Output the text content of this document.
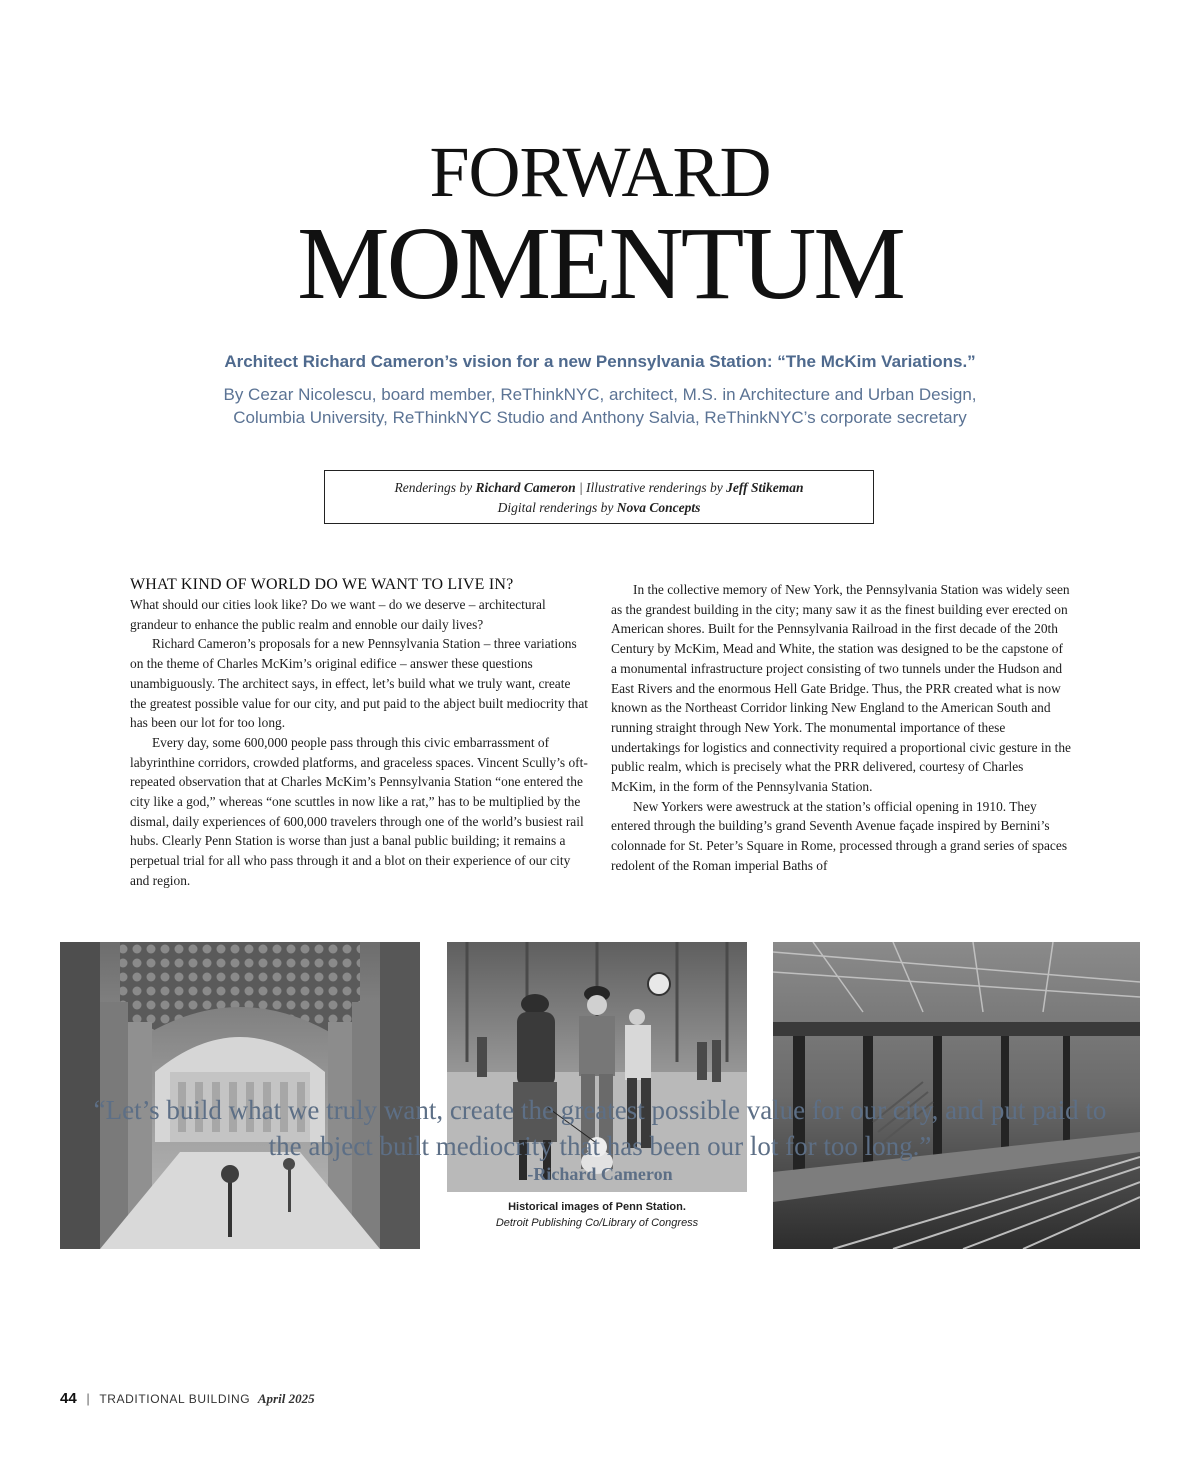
FORWARD
MOMENTUM
Architect Richard Cameron’s vision for a new Pennsylvania Station: “The McKim Variations.”
By Cezar Nicolescu, board member, ReThinkNYC, architect, M.S. in Architecture and Urban Design,
Columbia University, ReThinkNYC Studio and Anthony Salvia, ReThinkNYC’s corporate secretary
Renderings by Richard Cameron | Illustrative renderings by Jeff Stikeman
Digital renderings by Nova Concepts
WHAT KIND OF WORLD DO WE WANT TO LIVE IN?

What should our cities look like? Do we want – do we deserve – architectural grandeur to enhance the public realm and ennoble our daily lives?

Richard Cameron’s proposals for a new Pennsylvania Station – three variations on the theme of Charles McKim’s original edifice – answer these questions unambiguously. The architect says, in effect, let’s build what we truly want, create the greatest possible value for our city, and put paid to the abject built mediocrity that has been our lot for too long.

Every day, some 600,000 people pass through this civic embarrassment of labyrinthine corridors, crowded platforms, and graceless spaces. Vincent Scully’s oft-repeated observation that at Charles McKim’s Pennsylvania Station “one entered the city like a god,” whereas “one scuttles in now like a rat,” has to be multiplied by the dismal, daily experiences of 600,000 travelers through one of the world’s busiest rail hubs. Clearly Penn Station is worse than just a banal public building; it remains a perpetual trial for all who pass through it and a blot on their experience of our city and region.

In the collective memory of New York, the Pennsylvania Station was widely seen as the grandest building in the city; many saw it as the finest building ever erected on American shores. Built for the Pennsylvania Railroad in the first decade of the 20th Century by McKim, Mead and White, the station was designed to be the capstone of a monumental infrastructure project consisting of two tunnels under the Hudson and East Rivers and the enormous Hell Gate Bridge. Thus, the PRR created what is now known as the Northeast Corridor linking New England to the American South and running straight through New York. The monumental importance of these undertakings for logistics and connectivity required a proportional civic gesture in the public realm, which is precisely what the PRR delivered, courtesy of Charles McKim, in the form of the Pennsylvania Station.

New Yorkers were awestruck at the station’s official opening in 1910. They entered through the building’s grand Seventh Avenue façade inspired by Bernini’s colonnade for St. Peter’s Square in Rome, processed through a grand series of spaces redolent of the Roman imperial Baths of

Historical images of Penn Station.
Detroit Publishing Co/Library of Congress
“Let’s build what we truly want, create the greatest possible value for our city, and put paid to the abject built mediocrity that has been our lot for too long.”
-Richard Cameron
44 | TRADITIONAL BUILDING April 2025
